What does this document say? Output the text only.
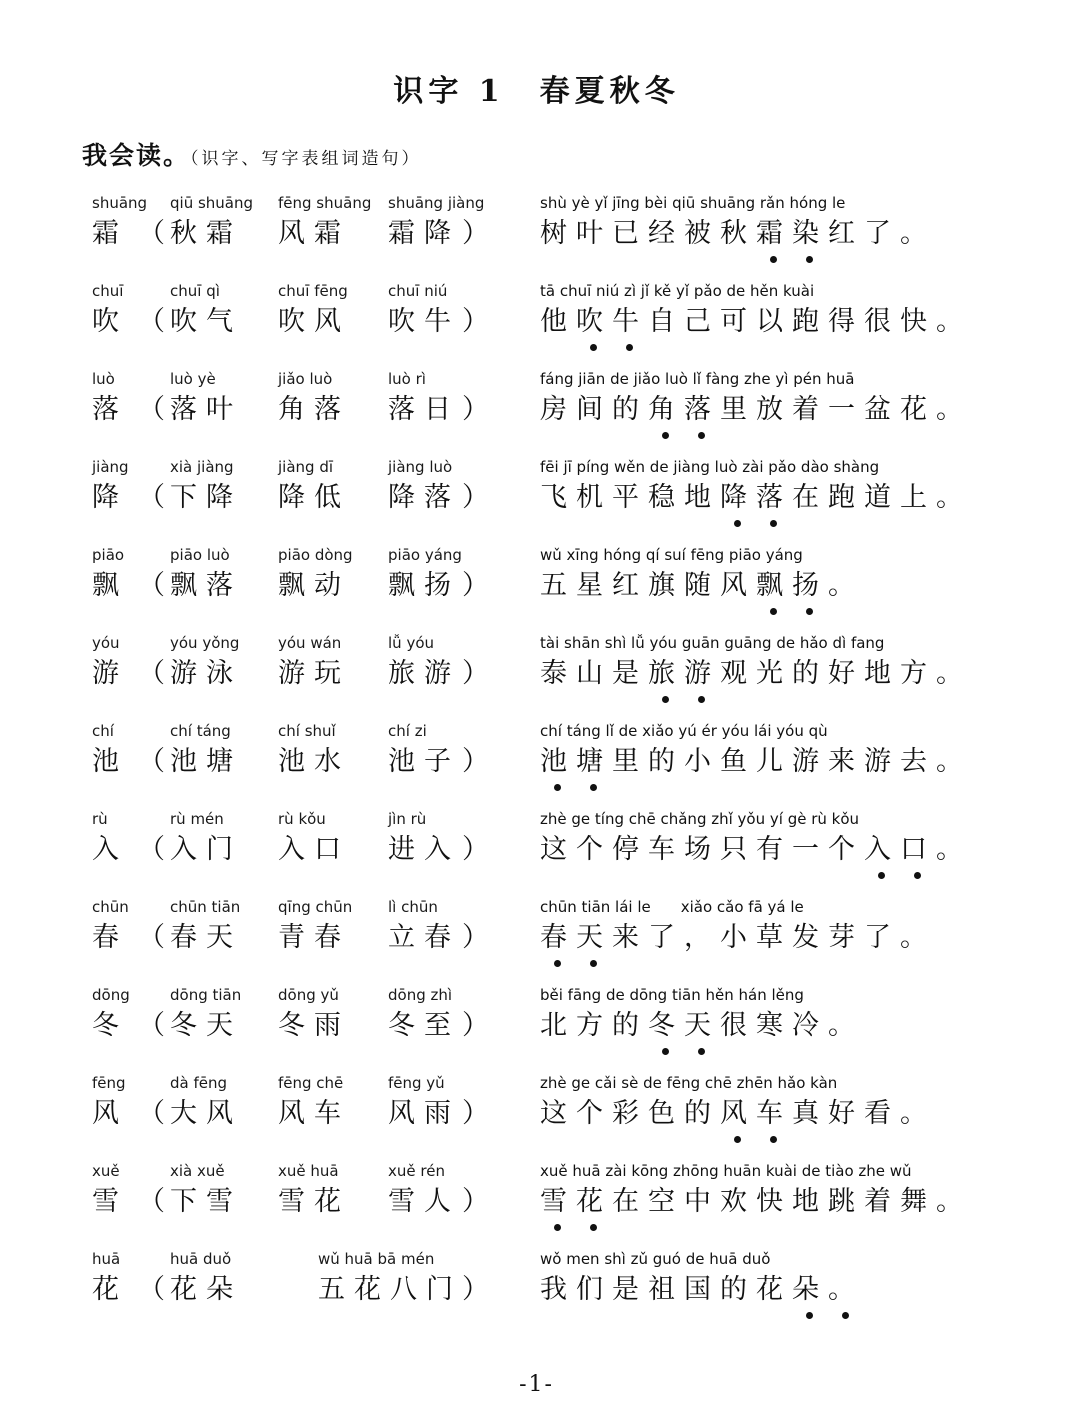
识字 1　春夏秋冬
我会读。（识字、写字表组词造句）
shuāng
霜 （
qiū shuāng
秋霜
fēng shuāng
风霜
shuāng jiàng
霜降 ）
shù yè yǐ jīng bèi qiū shuāng rǎn hóng le
树叶已经被秋霜染红了。
chuī
吹 （
chuī qì
吹气
chuī fēng
吹风
chuī niú
吹牛 ）
tā chuī niú zì jǐ kě yǐ pǎo de hěn kuài
他吹牛自己可以跑得很快。
luò
落 （
luò yè
落叶
jiǎo luò
角落
luò rì
落日 ）
fáng jiān de jiǎo luò lǐ fàng zhe yì pén huā
房间的角落里放着一盆花。
jiàng
降 （
xià jiàng
下降
jiàng dī
降低
jiàng luò
降落 ）
fēi jī píng wěn de jiàng luò zài pǎo dào shàng
飞机平稳地降落在跑道上。
piāo
飘 （
piāo luò
飘落
piāo dòng
飘动
piāo yáng
飘扬 ）
wǔ xīng hóng qí suí fēng piāo yáng
五星红旗随风飘扬。
yóu
游 （
yóu yǒng
游泳
yóu wán
游玩
lǚ yóu
旅游 ）
tài shān shì lǚ yóu guān guāng de hǎo dì fang
泰山是旅游观光的好地方。
chí
池 （
chí táng
池塘
chí shuǐ
池水
chí zi
池子 ）
chí táng lǐ de xiǎo yú ér yóu lái yóu qù
池塘里的小鱼儿游来游去。
rù
入 （
rù mén
入门
rù kǒu
入口
jìn rù
进入 ）
zhè ge tíng chē chǎng zhǐ yǒu yí gè rù kǒu
这个停车场只有一个入口。
chūn
春 （
chūn tiān
春天
qīng chūn
青春
lì chūn
立春 ）
chūn tiān lái le　　xiǎo cǎo fā yá le
春天来了，小草发芽了。
dōng
冬 （
dōng tiān
冬天
dōng yǔ
冬雨
dōng zhì
冬至 ）
běi fāng de dōng tiān hěn hán lěng
北方的冬天很寒冷。
fēng
风 （
dà fēng
大风
fēng chē
风车
fēng yǔ
风雨 ）
zhè ge cǎi sè de fēng chē zhēn hǎo kàn
这个彩色的风车真好看。
xuě
雪 （
xià xuě
下雪
xuě huā
雪花
xuě rén
雪人 ）
xuě huā zài kōng zhōng huān kuài de tiào zhe wǔ
雪花在空中欢快地跳着舞。
huā
花 （
huā duǒ
花朵
wǔ huā bā mén
五花八门 ）
wǒ men shì zǔ guó de huā duǒ
我们是祖国的花朵。
-1-
